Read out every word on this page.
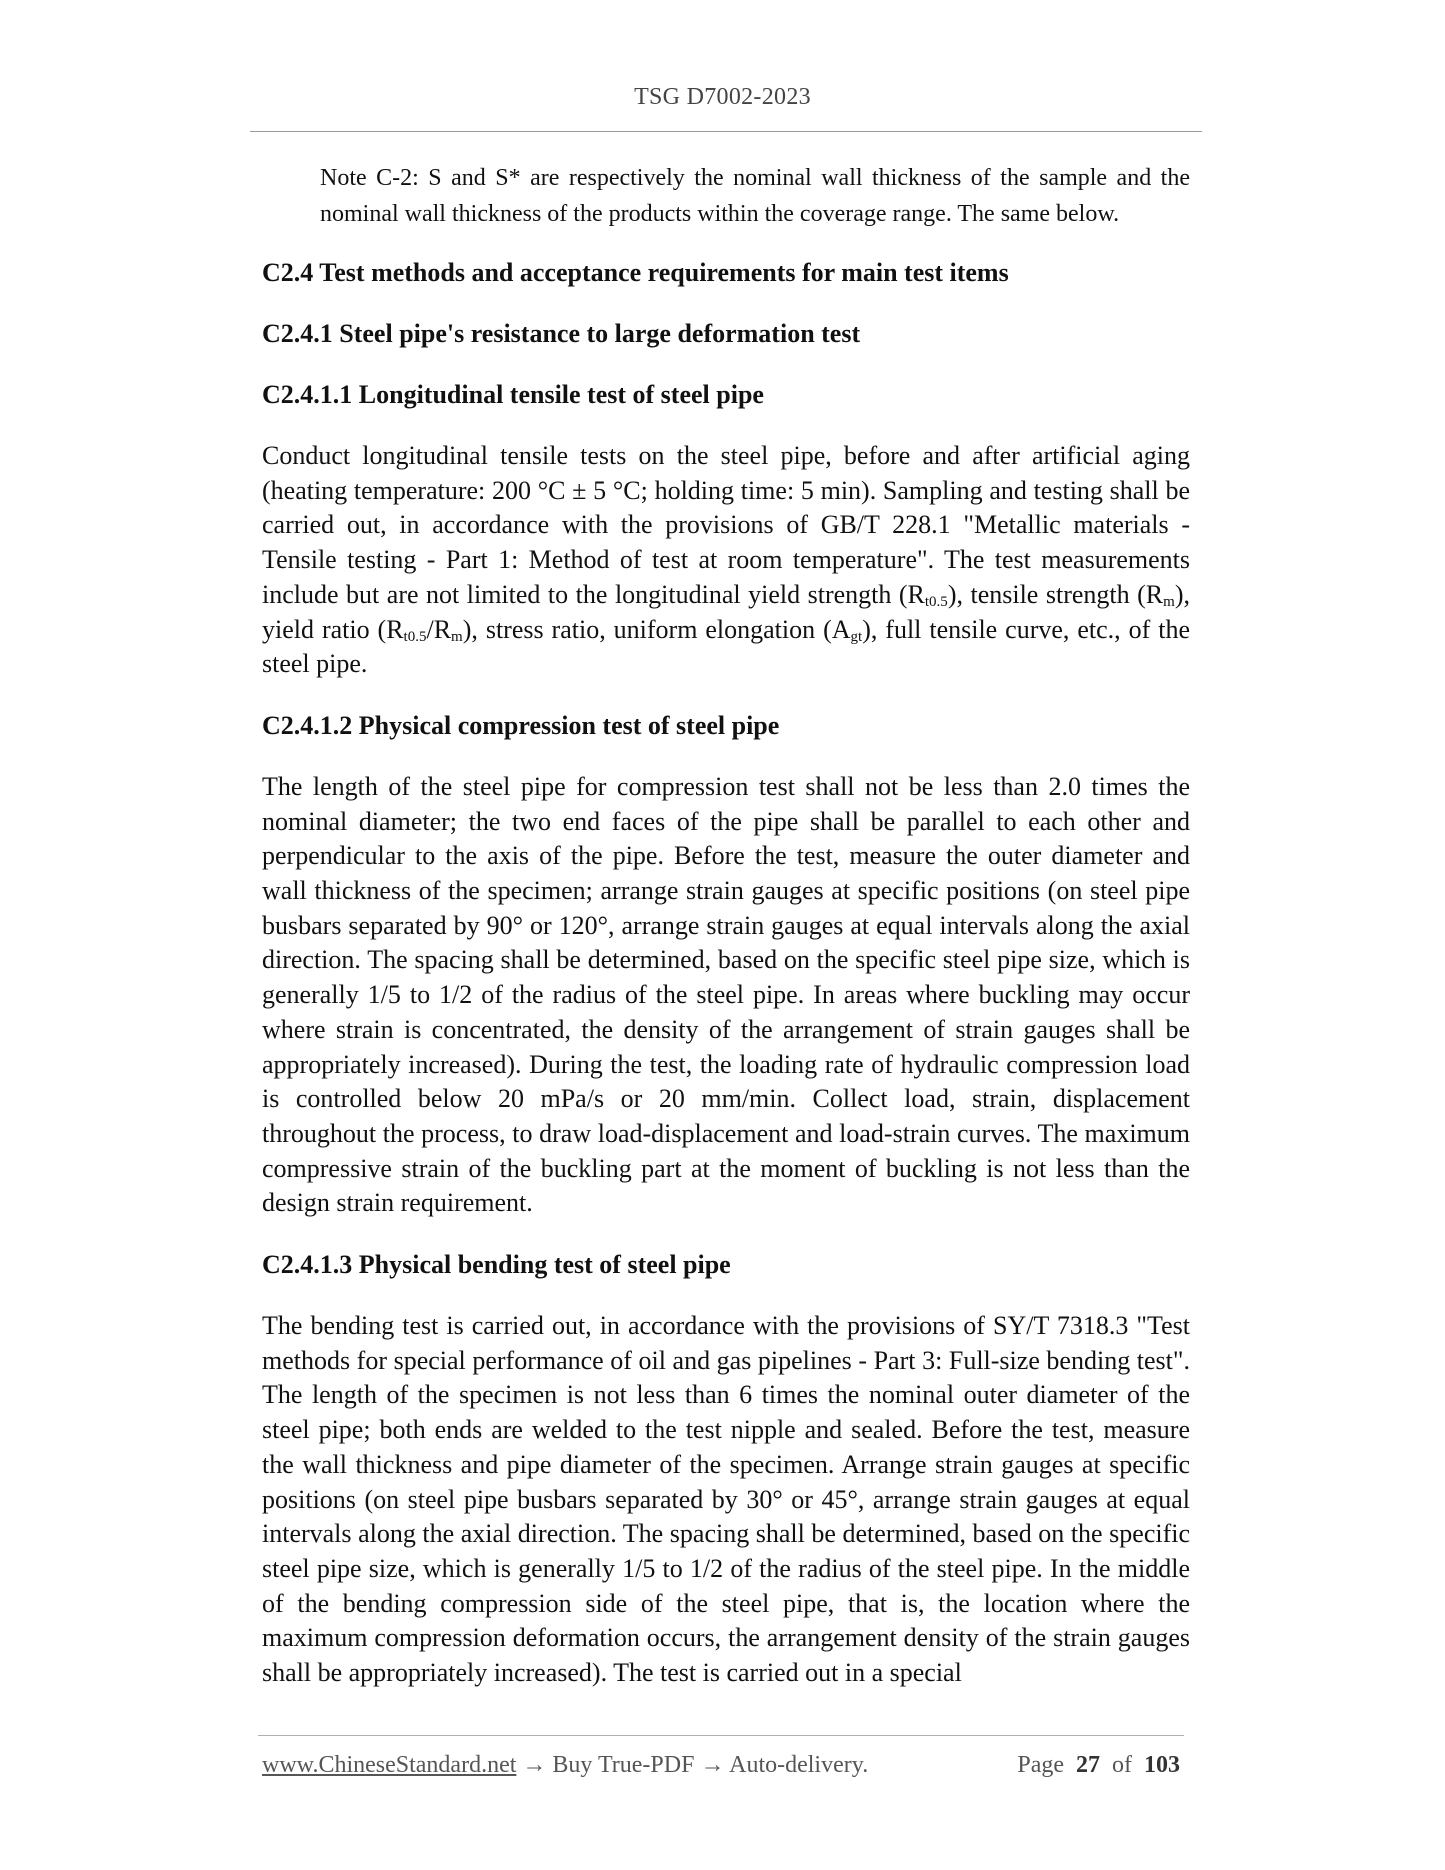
TSG D7002-2023
Note C-2: S and S* are respectively the nominal wall thickness of the sample and the nominal wall thickness of the products within the coverage range. The same below.
C2.4 Test methods and acceptance requirements for main test items
C2.4.1 Steel pipe's resistance to large deformation test
C2.4.1.1 Longitudinal tensile test of steel pipe

Conduct longitudinal tensile tests on the steel pipe, before and after artificial aging (heating temperature: 200 °C ± 5 °C; holding time: 5 min). Sampling and testing shall be carried out, in accordance with the provisions of GB/T 228.1 "Metallic materials - Tensile testing - Part 1: Method of test at room temperature". The test measurements include but are not limited to the longitudinal yield strength $(R_{t0.5})$, tensile strength $(R_m)$, yield ratio $(R_{t0.5}/R_m)$, stress ratio, uniform elongation $(A_{gt})$, full tensile curve, etc., of the steel pipe.

C2.4.1.2 Physical compression test of steel pipe

The length of the steel pipe for compression test shall not be less than 2.0 times the nominal diameter; the two end faces of the pipe shall be parallel to each other and perpendicular to the axis of the pipe. Before the test, measure the outer diameter and wall thickness of the specimen; arrange strain gauges at specific positions (on steel pipe busbars separated by 90° or 120°, arrange strain gauges at equal intervals along the axial direction. The spacing shall be determined, based on the specific steel pipe size, which is generally 1/5 to 1/2 of the radius of the steel pipe. In areas where buckling may occur where strain is concentrated, the density of the arrangement of strain gauges shall be appropriately increased). During the test, the loading rate of hydraulic compression load is controlled below 20 mPa/s or 20 mm/min. Collect load, strain, displacement throughout the process, to draw load-displacement and load-strain curves. The maximum compressive strain of the buckling part at the moment of buckling is not less than the design strain requirement.

C2.4.1.3 Physical bending test of steel pipe

The bending test is carried out, in accordance with the provisions of SY/T 7318.3 "Test methods for special performance of oil and gas pipelines - Part 3: Full-size bending test". The length of the specimen is not less than 6 times the nominal outer diameter of the steel pipe; both ends are welded to the test nipple and sealed. Before the test, measure the wall thickness and pipe diameter of the specimen. Arrange strain gauges at specific positions (on steel pipe busbars separated by 30° or 45°, arrange strain gauges at equal intervals along the axial direction. The spacing shall be determined, based on the specific steel pipe size, which is generally 1/5 to 1/2 of the radius of the steel pipe. In the middle of the bending compression side of the steel pipe, that is, the location where the maximum compression deformation occurs, the arrangement density of the strain gauges shall be appropriately increased). The test is carried out in a special

www.ChineseStandard.net → Buy True-PDF → Auto-delivery.	Page 27 of 103
